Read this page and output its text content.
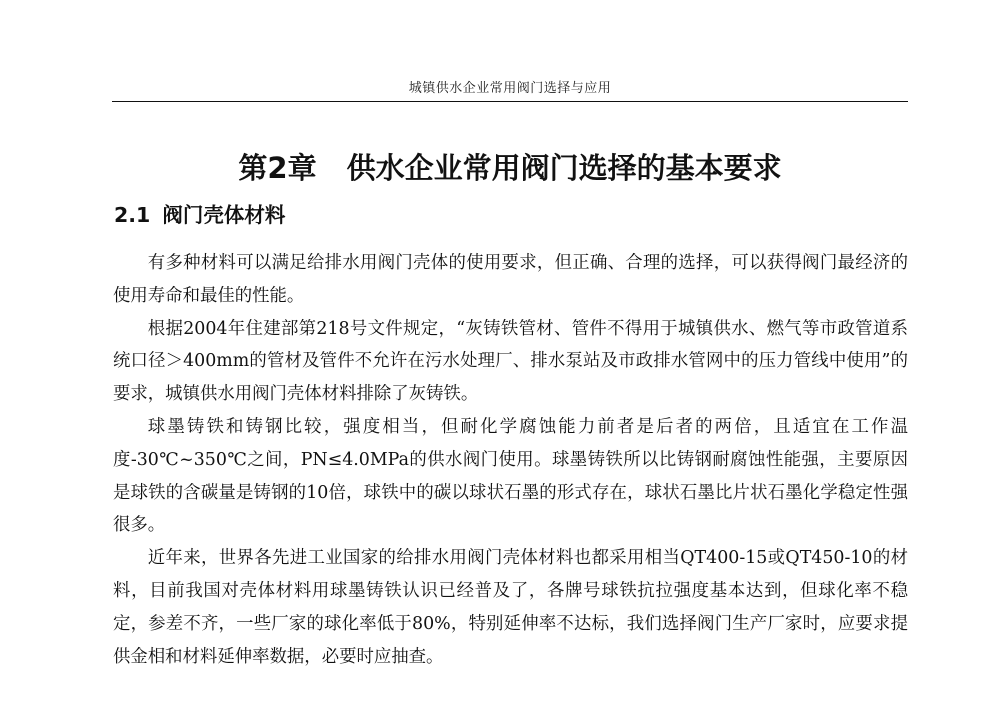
城镇供水企业常用阀门选择与应用
第2章 供水企业常用阀门选择的基本要求
2.1 阀门壳体材料

有多种材料可以满足给排水用阀门壳体的使用要求，但正确、合理的选择，可以获得阀门最经济的使用寿命和最佳的性能。

根据2004年住建部第218号文件规定，“灰铸铁管材、管件不得用于城镇供水、燃气等市政管道系统口径＞400mm的管材及管件不允许在污水处理厂、排水泵站及市政排水管网中的压力管线中使用”的要求，城镇供水用阀门壳体材料排除了灰铸铁。

球墨铸铁和铸钢比较，强度相当，但耐化学腐蚀能力前者是后者的两倍，且适宜在工作温度-30℃~350℃之间，PN≤4.0MPa的供水阀门使用。球墨铸铁所以比铸钢耐腐蚀性能强，主要原因是球铁的含碳量是铸钢的10倍，球铁中的碳以球状石墨的形式存在，球状石墨比片状石墨化学稳定性强很多。

近年来，世界各先进工业国家的给排水用阀门壳体材料也都采用相当QT400-15或QT450-10的材料，目前我国对壳体材料用球墨铸铁认识已经普及了，各牌号球铁抗拉强度基本达到，但球化率不稳定，参差不齐，一些厂家的球化率低于80%，特别延伸率不达标，我们选择阀门生产厂家时，应要求提供金相和材料延伸率数据，必要时应抽查。
